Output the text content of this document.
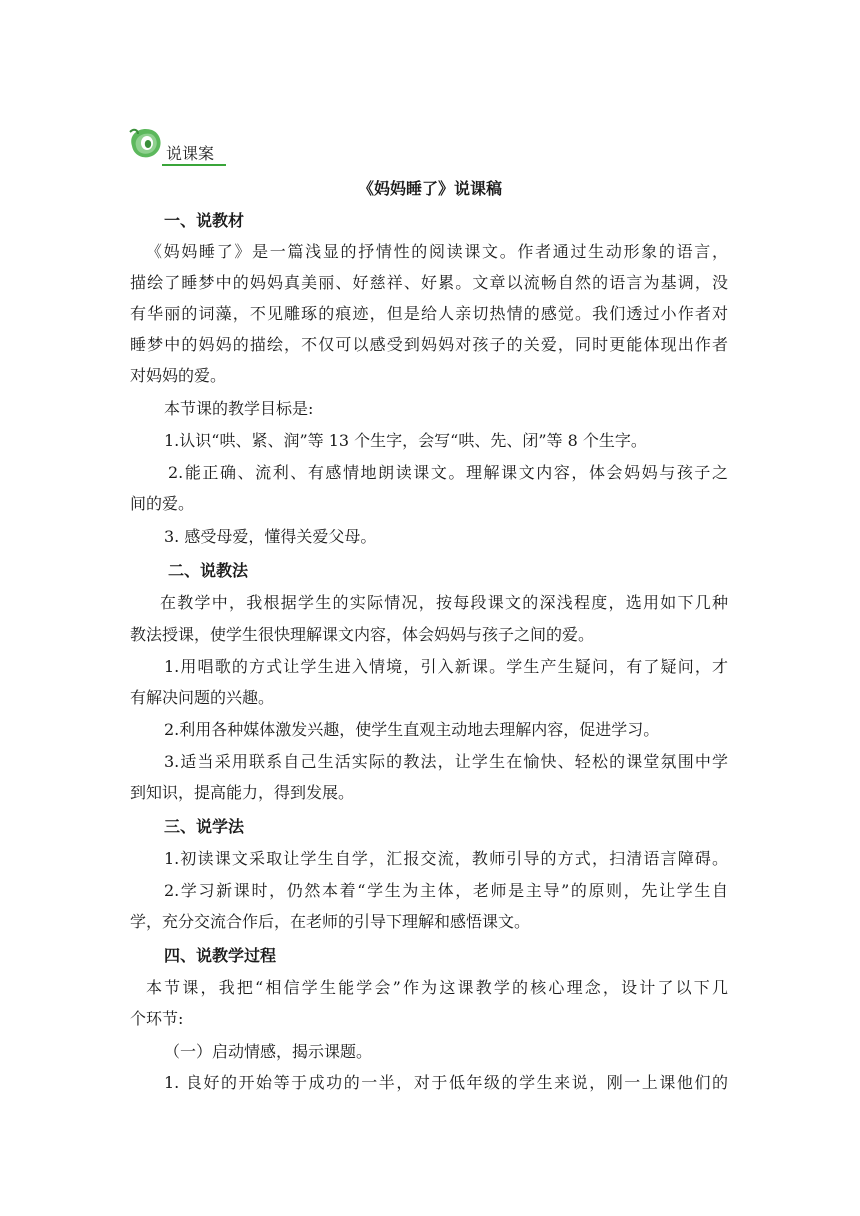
说课案
《妈妈睡了》说课稿
一、说教材
《妈妈睡了》是一篇浅显的抒情性的阅读课文。作者通过生动形象的语言，
描绘了睡梦中的妈妈真美丽、好慈祥、好累。文章以流畅自然的语言为基调，没
有华丽的词藻，不见雕琢的痕迹，但是给人亲切热情的感觉。我们透过小作者对
睡梦中的妈妈的描绘，不仅可以感受到妈妈对孩子的关爱，同时更能体现出作者
对妈妈的爱。
本节课的教学目标是:
1.认识“哄、紧、润”等 13 个生字，会写“哄、先、闭”等 8 个生字。
2.能正确、流利、有感情地朗读课文。理解课文内容，体会妈妈与孩子之
间的爱。
3. 感受母爱，懂得关爱父母。
二、说教法
在教学中，我根据学生的实际情况，按每段课文的深浅程度，选用如下几种
教法授课，使学生很快理解课文内容，体会妈妈与孩子之间的爱。
1.用唱歌的方式让学生进入情境，引入新课。学生产生疑问，有了疑问，才
有解决问题的兴趣。
2.利用各种媒体激发兴趣，使学生直观主动地去理解内容，促进学习。
3.适当采用联系自己生活实际的教法，让学生在愉快、轻松的课堂氛围中学
到知识，提高能力，得到发展。
三、说学法
1.初读课文采取让学生自学，汇报交流，教师引导的方式，扫清语言障碍。
2.学习新课时，仍然本着“学生为主体，老师是主导”的原则，先让学生自
学，充分交流合作后，在老师的引导下理解和感悟课文。
四、说教学过程
本节课，我把“相信学生能学会”作为这课教学的核心理念，设计了以下几
个环节:
（一）启动情感，揭示课题。
1. 良好的开始等于成功的一半，对于低年级的学生来说，刚一上课他们的
